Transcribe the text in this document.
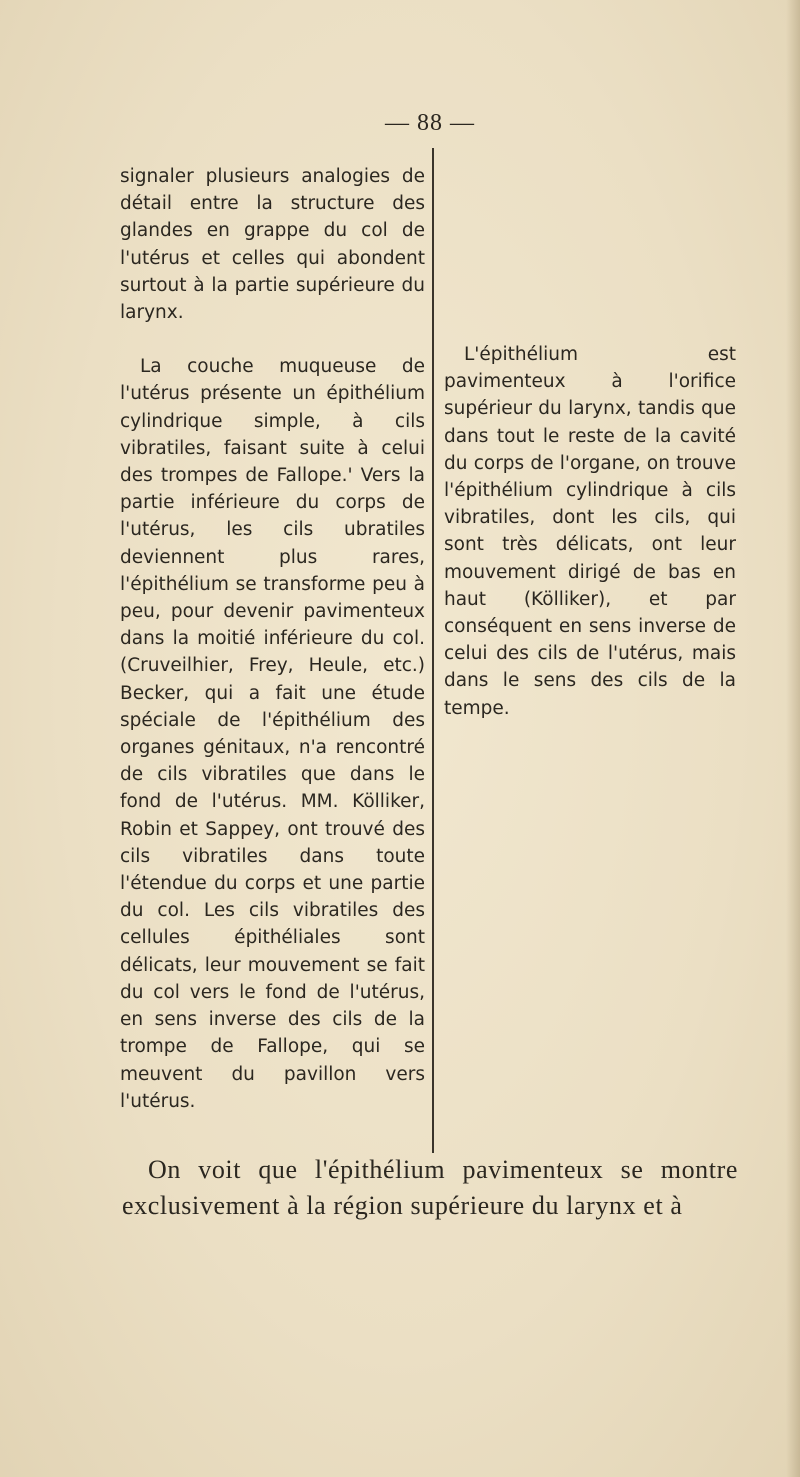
— 88 —

signaler plusieurs analogies de détail entre la structure des glandes en grappe du col de l'utérus et celles qui abondent surtout à la partie supérieure du larynx.

La couche muqueuse de l'utérus présente un épithélium cylindrique simple, à cils vibratiles, faisant suite à celui des trompes de Fallope.' Vers la partie inférieure du corps de l'utérus, les cils ubratiles deviennent plus rares, l'épithélium se transforme peu à peu, pour devenir pavimenteux dans la moitié inférieure du col. (Cruveilhier, Frey, Heule, etc.) Becker, qui a fait une étude spéciale de l'épithélium des organes génitaux, n'a rencontré de cils vibratiles que dans le fond de l'utérus. MM. Kölliker, Robin et Sappey, ont trouvé des cils vibratiles dans toute l'étendue du corps et une partie du col. Les cils vibratiles des cellules épithéliales sont délicats, leur mouvement se fait du col vers le fond de l'utérus, en sens inverse des cils de la trompe de Fallope, qui se meuvent du pavillon vers l'utérus.

L'épithélium est pavimenteux à l'orifice supérieur du larynx, tandis que dans tout le reste de la cavité du corps de l'organe, on trouve l'épithélium cylindrique à cils vibratiles, dont les cils, qui sont très délicats, ont leur mouvement dirigé de bas en haut (Kölliker), et par conséquent en sens inverse de celui des cils de l'utérus, mais dans le sens des cils de la tempe.

On voit que l'épithélium pavimenteux se montre exclusivement à la région supérieure du larynx et à
